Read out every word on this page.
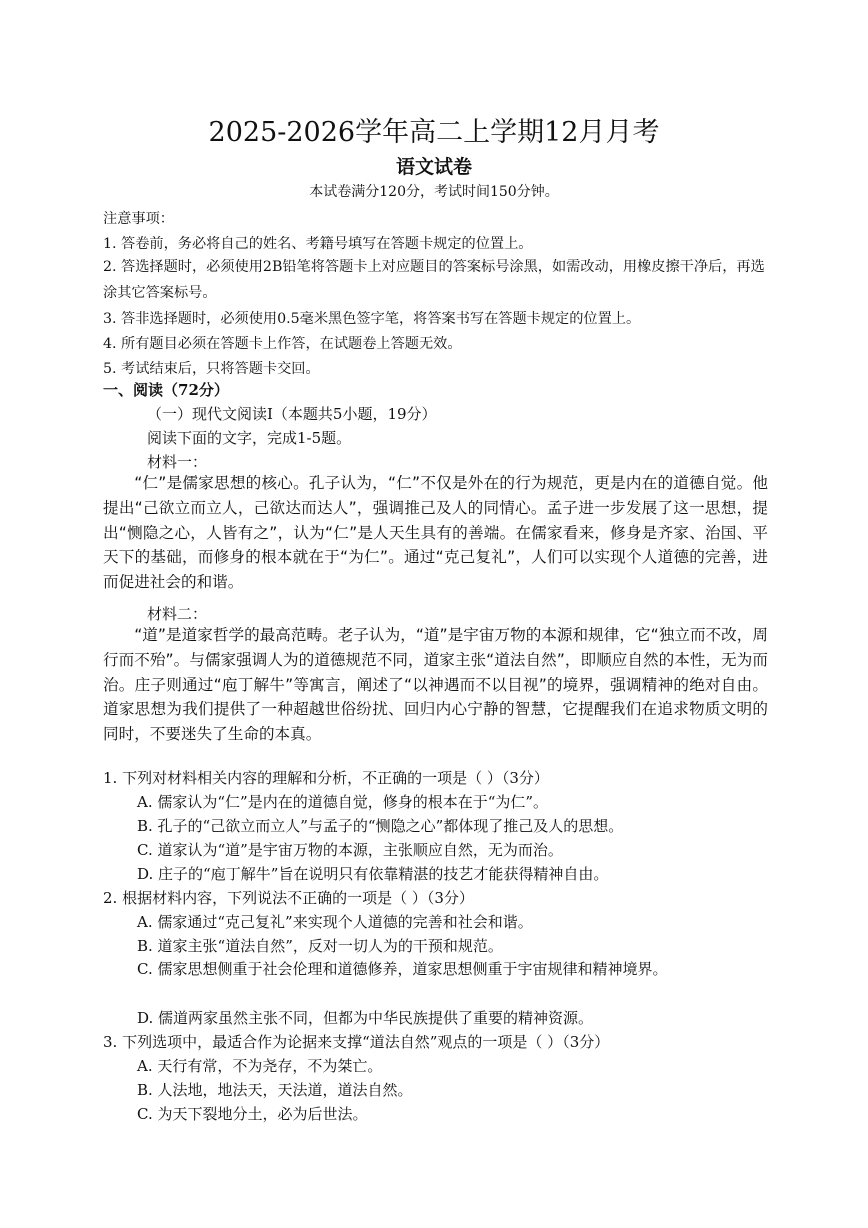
2025-2026学年高二上学期12月月考
语文试卷
本试卷满分120分，考试时间150分钟。
注意事项：
1. 答卷前，务必将自己的姓名、考籍号填写在答题卡规定的位置上。
2. 答选择题时，必须使用2B铅笔将答题卡上对应题目的答案标号涂黑，如需改动，用橡皮擦干净后，再选涂其它答案标号。
3. 答非选择题时，必须使用0.5毫米黑色签字笔，将答案书写在答题卡规定的位置上。
4. 所有题目必须在答题卡上作答，在试题卷上答题无效。
5. 考试结束后，只将答题卡交回。
一、阅读（72分）
（一）现代文阅读Ⅰ（本题共5小题，19分）
阅读下面的文字，完成1-5题。
材料一：

“仁”是儒家思想的核心。孔子认为，“仁”不仅是外在的行为规范，更是内在的道德自觉。他提出“己欲立而立人，己欲达而达人”，强调推己及人的同情心。孟子进一步发展了这一思想，提出“恻隐之心，人皆有之”，认为“仁”是人天生具有的善端。在儒家看来，修身是齐家、治国、平天下的基础，而修身的根本就在于“为仁”。通过“克己复礼”，人们可以实现个人道德的完善，进而促进社会的和谐。

材料二：

“道”是道家哲学的最高范畴。老子认为，“道”是宇宙万物的本源和规律，它“独立而不改，周行而不殆”。与儒家强调人为的道德规范不同，道家主张“道法自然”，即顺应自然的本性，无为而治。庄子则通过“庖丁解牛”等寓言，阐述了“以神遇而不以目视”的境界，强调精神的绝对自由。道家思想为我们提供了一种超越世俗纷扰、回归内心宁静的智慧，它提醒我们在追求物质文明的同时，不要迷失了生命的本真。

1. 下列对材料相关内容的理解和分析，不正确的一项是（ ）（3分）
A. 儒家认为“仁”是内在的道德自觉，修身的根本在于“为仁”。
B. 孔子的“己欲立而立人”与孟子的“恻隐之心”都体现了推己及人的思想。
C. 道家认为“道”是宇宙万物的本源，主张顺应自然，无为而治。
D. 庄子的“庖丁解牛”旨在说明只有依靠精湛的技艺才能获得精神自由。
2. 根据材料内容，下列说法不正确的一项是（ ）（3分）
A. 儒家通过“克己复礼”来实现个人道德的完善和社会和谐。
B. 道家主张“道法自然”，反对一切人为的干预和规范。
C. 儒家思想侧重于社会伦理和道德修养，道家思想侧重于宇宙规律和精神境界。
D. 儒道两家虽然主张不同，但都为中华民族提供了重要的精神资源。
3. 下列选项中，最适合作为论据来支撑“道法自然”观点的一项是（ ）（3分）
A. 天行有常，不为尧存，不为桀亡。
B. 人法地，地法天，天法道，道法自然。
C. 为天下裂地分土，必为后世法。
